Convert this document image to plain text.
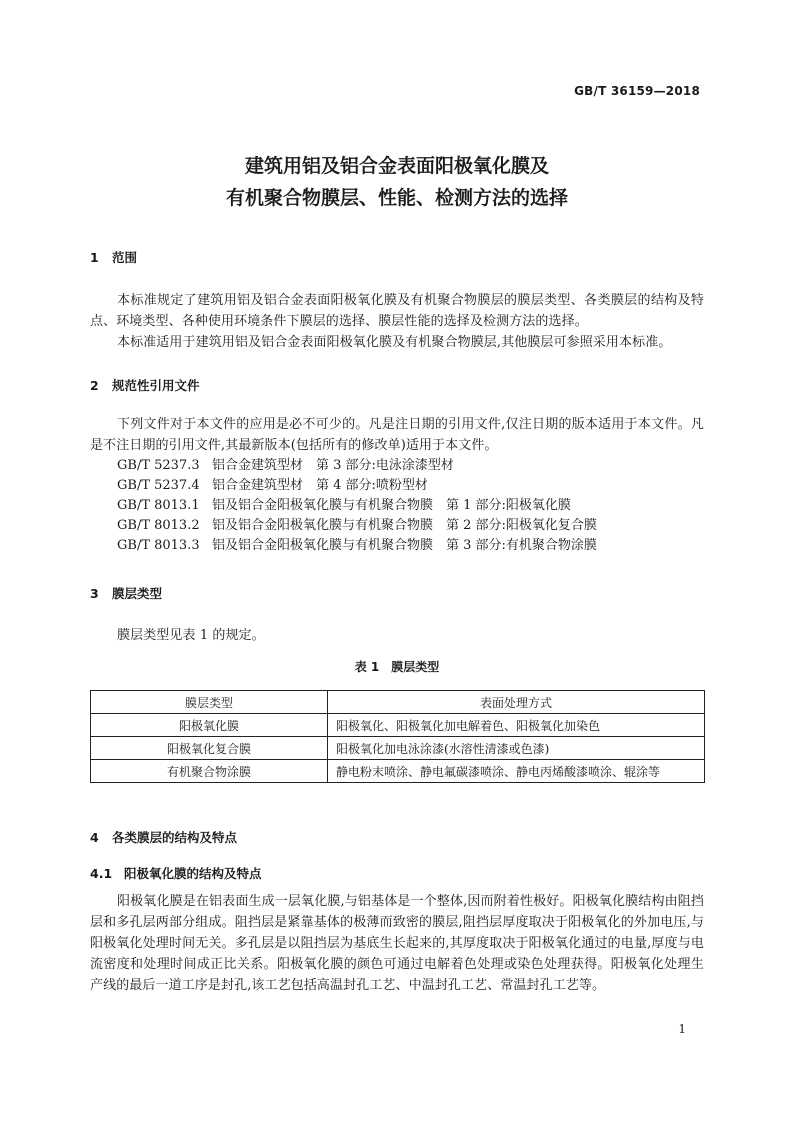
GB/T 36159—2018
建筑用铝及铝合金表面阳极氧化膜及
有机聚合物膜层、性能、检测方法的选择
1 范围

本标准规定了建筑用铝及铝合金表面阳极氧化膜及有机聚合物膜层的膜层类型、各类膜层的结构及特点、环境类型、各种使用环境条件下膜层的选择、膜层性能的选择及检测方法的选择。

本标准适用于建筑用铝及铝合金表面阳极氧化膜及有机聚合物膜层,其他膜层可参照采用本标准。

2 规范性引用文件

下列文件对于本文件的应用是必不可少的。凡是注日期的引用文件,仅注日期的版本适用于本文件。凡是不注日期的引用文件,其最新版本(包括所有的修改单)适用于本文件。

GB/T 5237.3 铝合金建筑型材　第 3 部分:电泳涂漆型材
GB/T 5237.4 铝合金建筑型材　第 4 部分:喷粉型材
GB/T 8013.1 铝及铝合金阳极氧化膜与有机聚合物膜　第 1 部分:阳极氧化膜
GB/T 8013.2 铝及铝合金阳极氧化膜与有机聚合物膜　第 2 部分:阳极氧化复合膜
GB/T 8013.3 铝及铝合金阳极氧化膜与有机聚合物膜　第 3 部分:有机聚合物涂膜
3 膜层类型

膜层类型见表 1 的规定。

表 1　膜层类型
膜层类型	表面处理方式
阳极氧化膜	阳极氧化、阳极氧化加电解着色、阳极氧化加染色
阳极氧化复合膜	阳极氧化加电泳涂漆(水溶性清漆或色漆)
有机聚合物涂膜	静电粉末喷涂、静电氟碳漆喷涂、静电丙烯酸漆喷涂、辊涂等
4 各类膜层的结构及特点
4.1 阳极氧化膜的结构及特点

阳极氧化膜是在铝表面生成一层氧化膜,与铝基体是一个整体,因而附着性极好。阳极氧化膜结构由阻挡层和多孔层两部分组成。阻挡层是紧靠基体的极薄而致密的膜层,阻挡层厚度取决于阳极氧化的外加电压,与阳极氧化处理时间无关。多孔层是以阻挡层为基底生长起来的,其厚度取决于阳极氧化通过的电量,厚度与电流密度和处理时间成正比关系。阳极氧化膜的颜色可通过电解着色处理或染色处理获得。阳极氧化处理生产线的最后一道工序是封孔,该工艺包括高温封孔工艺、中温封孔工艺、常温封孔工艺等。

1
